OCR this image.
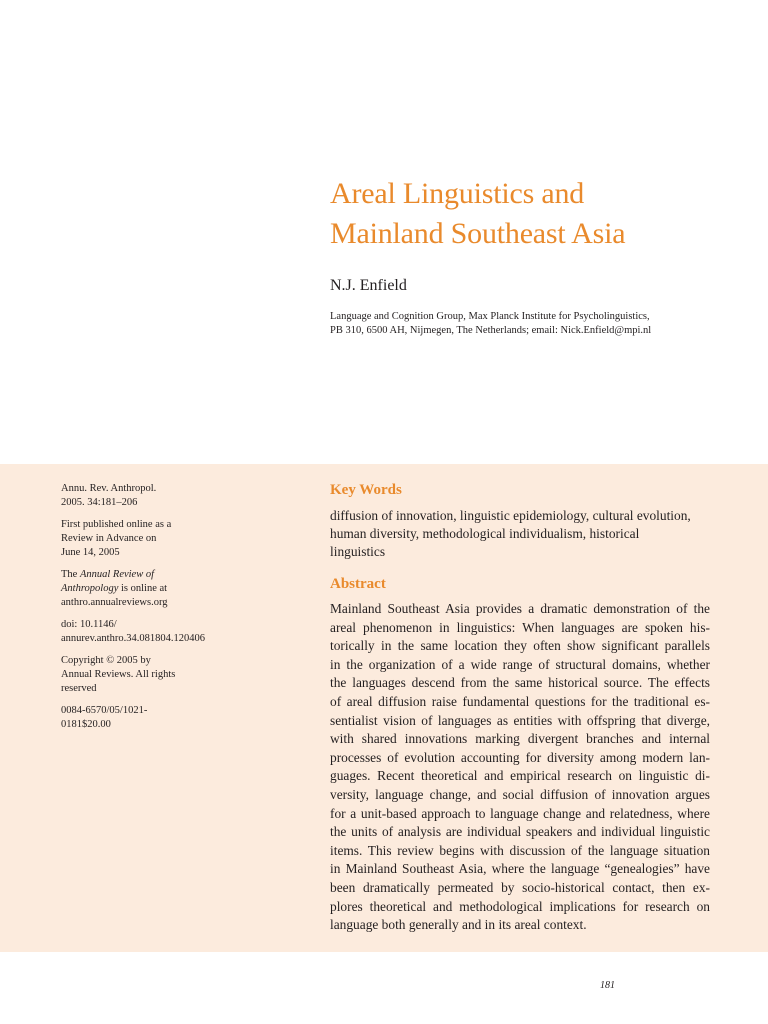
Areal Linguistics and
Mainland Southeast Asia
N.J. Enfield
Language and Cognition Group, Max Planck Institute for Psycholinguistics,
PB 310, 6500 AH, Nijmegen, The Netherlands; email: Nick.Enfield@mpi.nl
Annu. Rev. Anthropol.
2005. 34:181–206
First published online as a
Review in Advance on
June 14, 2005
The Annual Review of
Anthropology is online at
anthro.annualreviews.org
doi: 10.1146/
annurev.anthro.34.081804.120406
Copyright © 2005 by
Annual Reviews. All rights
reserved
0084-6570/05/1021-
0181$20.00
Key Words
diffusion of innovation, linguistic epidemiology, cultural evolution,
human diversity, methodological individualism, historical
linguistics
Abstract
Mainland Southeast Asia provides a dramatic demonstration of the
areal phenomenon in linguistics: When languages are spoken his-
torically in the same location they often show significant parallels
in the organization of a wide range of structural domains, whether
the languages descend from the same historical source. The effects
of areal diffusion raise fundamental questions for the traditional es-
sentialist vision of languages as entities with offspring that diverge,
with shared innovations marking divergent branches and internal
processes of evolution accounting for diversity among modern lan-
guages. Recent theoretical and empirical research on linguistic di-
versity, language change, and social diffusion of innovation argues
for a unit-based approach to language change and relatedness, where
the units of analysis are individual speakers and individual linguistic
items. This review begins with discussion of the language situation
in Mainland Southeast Asia, where the language “genealogies” have
been dramatically permeated by socio-historical contact, then ex-
plores theoretical and methodological implications for research on
language both generally and in its areal context.
181
